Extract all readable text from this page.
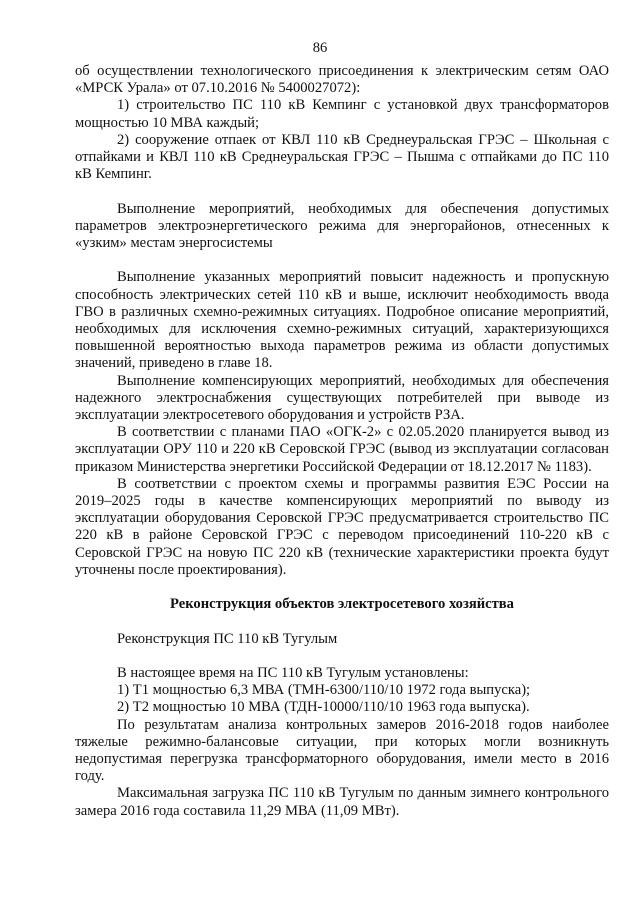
86

об осуществлении технологического присоединения к электрическим сетям ОАО «МРСК Урала» от 07.10.2016 № 5400027072):

1) строительство ПС 110 кВ Кемпинг с установкой двух трансформаторов мощностью 10 МВА каждый;

2) сооружение отпаек от КВЛ 110 кВ Среднеуральская ГРЭС – Школьная с отпайками и КВЛ 110 кВ Среднеуральская ГРЭС – Пышма с отпайками до ПС 110 кВ Кемпинг.

Выполнение мероприятий, необходимых для обеспечения допустимых параметров электроэнергетического режима для энергорайонов, отнесенных к «узким» местам энергосистемы

Выполнение указанных мероприятий повысит надежность и пропускную способность электрических сетей 110 кВ и выше, исключит необходимость ввода ГВО в различных схемно-режимных ситуациях. Подробное описание мероприятий, необходимых для исключения схемно-режимных ситуаций, характеризующихся повышенной вероятностью выхода параметров режима из области допустимых значений, приведено в главе 18.

Выполнение компенсирующих мероприятий, необходимых для обеспечения надежного электроснабжения существующих потребителей при выводе из эксплуатации электросетевого оборудования и устройств РЗА.

В соответствии с планами ПАО «ОГК-2» с 02.05.2020 планируется вывод из эксплуатации ОРУ 110 и 220 кВ Серовской ГРЭС (вывод из эксплуатации согласован приказом Министерства энергетики Российской Федерации от 18.12.2017 № 1183).

В соответствии с проектом схемы и программы развития ЕЭС России на 2019–2025 годы в качестве компенсирующих мероприятий по выводу из эксплуатации оборудования Серовской ГРЭС предусматривается строительство ПС 220 кВ в районе Серовской ГРЭС с переводом присоединений 110-220 кВ с Серовской ГРЭС на новую ПС 220 кВ (технические характеристики проекта будут уточнены после проектирования).

Реконструкция объектов электросетевого хозяйства

Реконструкция ПС 110 кВ Тугулым

В настоящее время на ПС 110 кВ Тугулым установлены:

1) Т1 мощностью 6,3 МВА (ТМН-6300/110/10 1972 года выпуска);

2) Т2 мощностью 10 МВА (ТДН-10000/110/10 1963 года выпуска).

По результатам анализа контрольных замеров 2016-2018 годов наиболее тяжелые режимно-балансовые ситуации, при которых могли возникнуть недопустимая перегрузка трансформаторного оборудования, имели место в 2016 году.

Максимальная загрузка ПС 110 кВ Тугулым по данным зимнего контрольного замера 2016 года составила 11,29 МВА (11,09 МВт).
